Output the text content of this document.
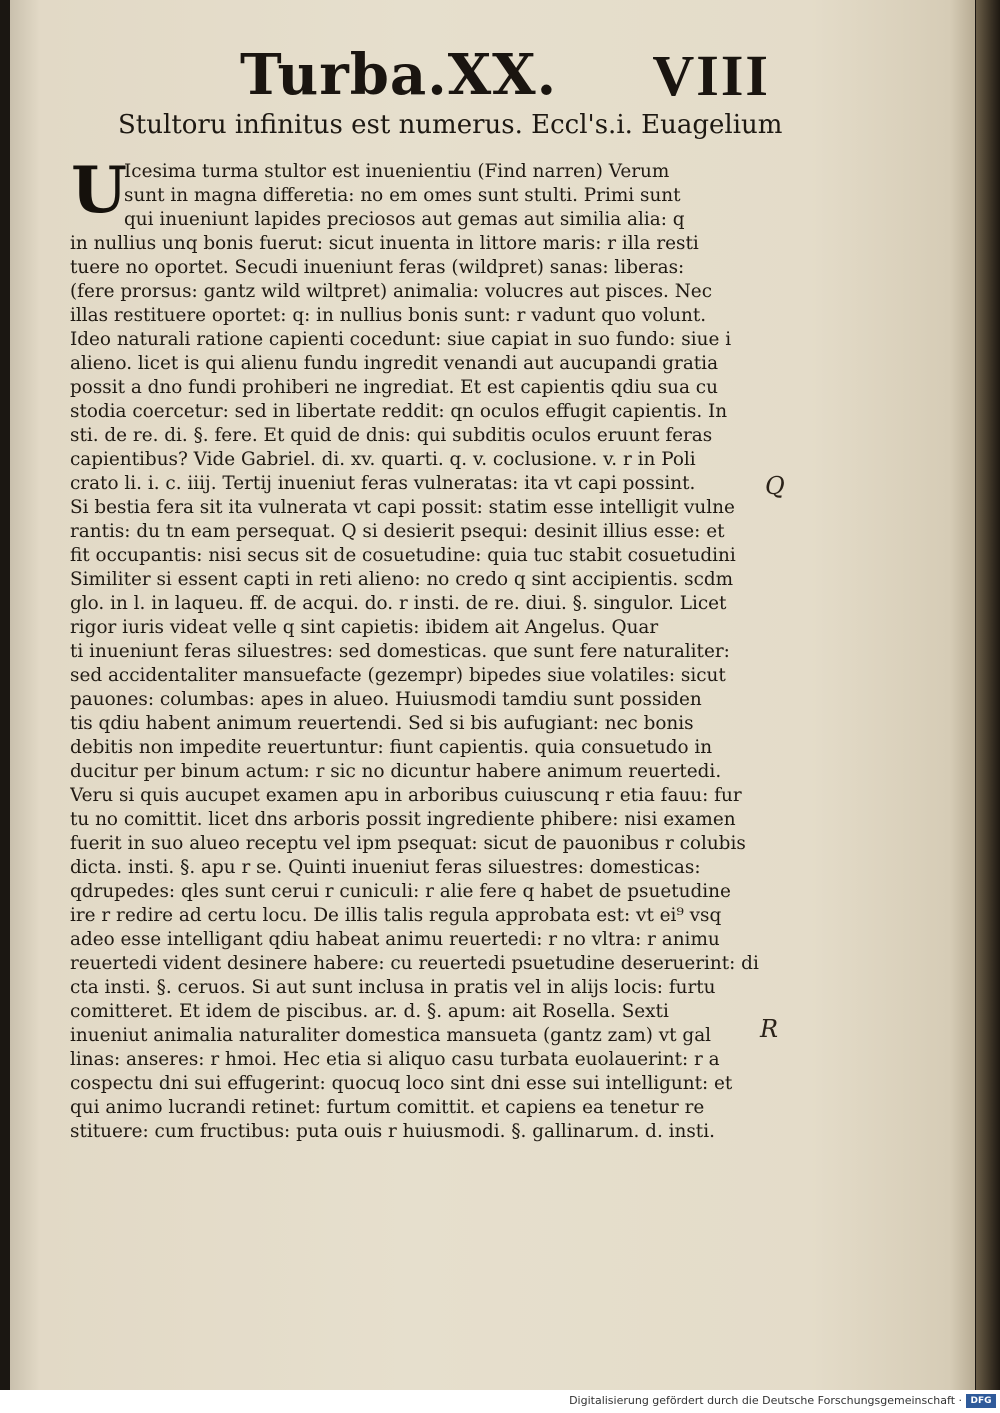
Turba.XX. VIII
Stultoru infinitus est numerus. Eccl's.i. Euagelium
U
Icesima turma stultor est inuenientiu (Find narren) Verum
sunt in magna differetia: no em omes sunt stulti. Primi sunt
qui inueniunt lapides preciosos aut gemas aut similia alia: q
in nullius unq bonis fuerut: sicut inuenta in littore maris: r illa resti
tuere no oportet. Secudi inueniunt feras (wildpret) sanas: liberas:
(fere prorsus: gantz wild wiltpret) animalia: volucres aut pisces. Nec
illas restituere oportet: q: in nullius bonis sunt: r vadunt quo volunt.
Ideo naturali ratione capienti cocedunt: siue capiat in suo fundo: siue i
alieno. licet is qui alienu fundu ingredit venandi aut aucupandi gratia
possit a dno fundi prohiberi ne ingrediat. Et est capientis qdiu sua cu
stodia coercetur: sed in libertate reddit: qn oculos effugit capientis. In
sti. de re. di. §. fere. Et quid de dnis: qui subditis oculos eruunt feras
capientibus? Vide Gabriel. di. xv. quarti. q. v. coclusione. v. r in Poli
crato li. i. c. iiij. Tertij inueniut feras vulneratas: ita vt capi possint.
Si bestia fera sit ita vulnerata vt capi possit: statim esse intelligit vulne
rantis: du tn eam persequat. Q si desierit psequi: desinit illius esse: et
fit occupantis: nisi secus sit de cosuetudine: quia tuc stabit cosuetudini
Similiter si essent capti in reti alieno: no credo q sint accipientis. scdm
glo. in l. in laqueu. ff. de acqui. do. r insti. de re. diui. §. singulor. Licet
rigor iuris videat velle q sint capietis: ibidem ait Angelus. Quar
ti inueniunt feras siluestres: sed domesticas. que sunt fere naturaliter:
sed accidentaliter mansuefacte (gezempr) bipedes siue volatiles: sicut
pauones: columbas: apes in alueo. Huiusmodi tamdiu sunt possiden
tis qdiu habent animum reuertendi. Sed si bis aufugiant: nec bonis
debitis non impedite reuertuntur: fiunt capientis. quia consuetudo in
ducitur per binum actum: r sic no dicuntur habere animum reuertedi.
Veru si quis aucupet examen apu in arboribus cuiuscunq r etia fauu: fur
tu no comittit. licet dns arboris possit ingrediente phibere: nisi examen
fuerit in suo alueo receptu vel ipm psequat: sicut de pauonibus r colubis
dicta. insti. §. apu r se. Quinti inueniut feras siluestres: domesticas:
qdrupedes: qles sunt cerui r cuniculi: r alie fere q habet de psuetudine
ire r redire ad certu locu. De illis talis regula approbata est: vt ei⁹ vsq
adeo esse intelligant qdiu habeat animu reuertedi: r no vltra: r animu
reuertedi vident desinere habere: cu reuertedi psuetudine deseruerint: di
cta insti. §. ceruos. Si aut sunt inclusa in pratis vel in alijs locis: furtu
comitteret. Et idem de piscibus. ar. d. §. apum: ait Rosella. Sexti
inueniut animalia naturaliter domestica mansueta (gantz zam) vt gal
linas: anseres: r hmoi. Hec etia si aliquo casu turbata euolauerint: r a
cospectu dni sui effugerint: quocuq loco sint dni esse sui intelligunt: et
qui animo lucrandi retinet: furtum comittit. et capiens ea tenetur re
stituere: cum fructibus: puta ouis r huiusmodi. §. gallinarum. d. insti.
Q
R
Digitalisierung gefördert durch die Deutsche Forschungsgemeinschaft · DFG
